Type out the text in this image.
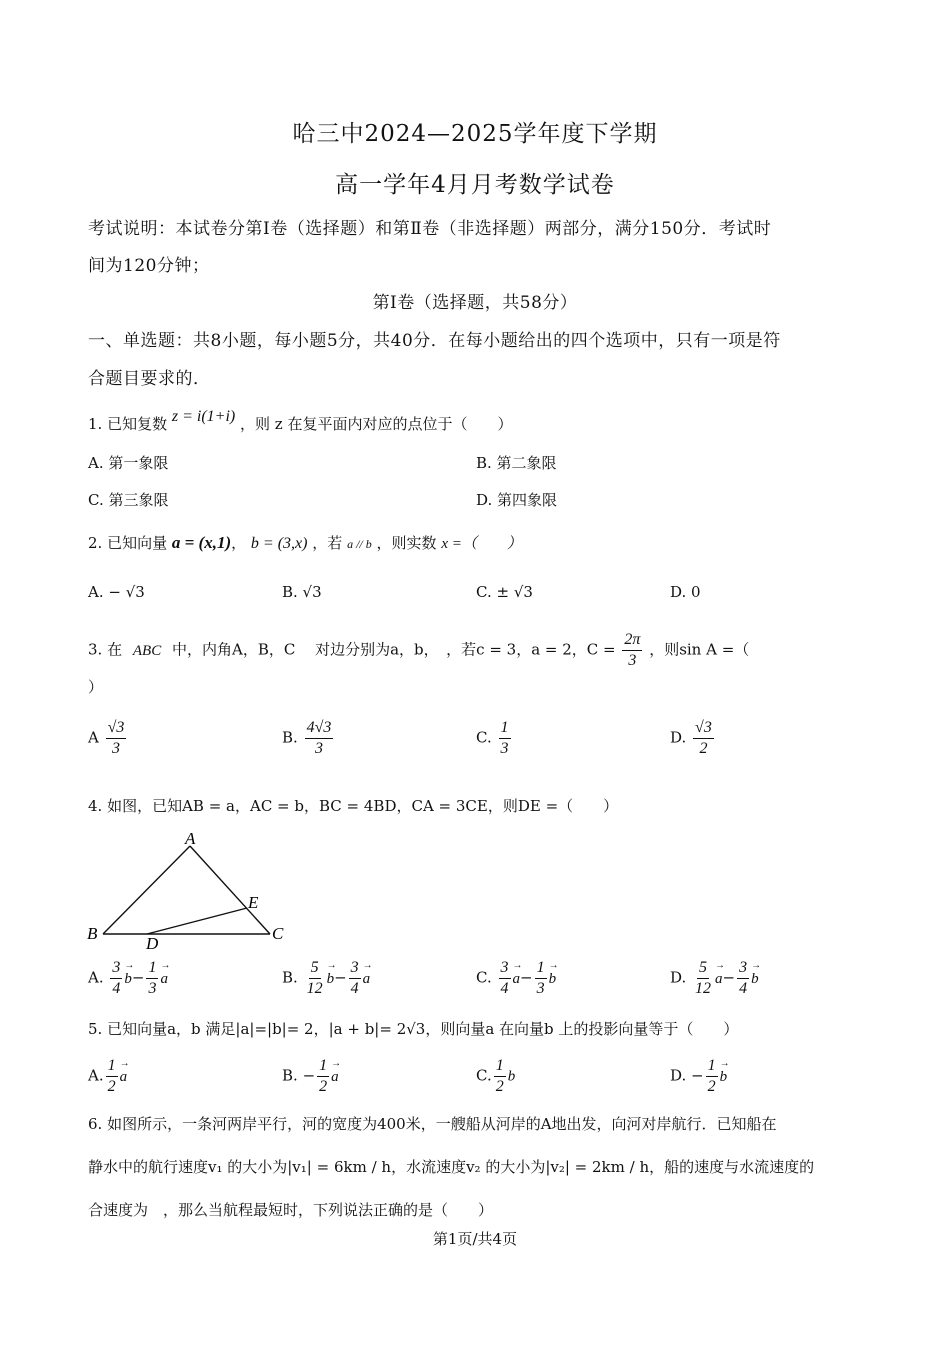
哈三中2024—2025学年度下学期
高一学年4月月考数学试卷
考试说明：本试卷分第Ⅰ卷（选择题）和第Ⅱ卷（非选择题）两部分，满分150分．考试时
间为120分钟；
第Ⅰ卷（选择题，共58分）
一、单选题：共8小题，每小题5分，共40分．在每小题给出的四个选项中，只有一项是符
合题目要求的．
1. 已知复数 z = i(1+i) ，则 z 在复平面内对应的点位于（　　）
A. 第一象限	B. 第二象限
C. 第三象限	D. 第四象限
2. 已知向量 a = (x,1)， b = (3,x) ，若 a // b ，则实数 x =（　　）
A. − √3	B. √3	C. ± √3	D. 0
3. 在 ABC 中，内角A，B，C　 对边分别为a，b，　，若c = 3，a = 2，$C = \frac{2\pi}{3}$ ，则sin A =（
）
A $\frac{√3}{3}$	B. $\frac{4√3}{3}$	C. $\frac{1}{3}$	D. $\frac{√3}{2}$
4. 如图，已知AB = a，AC = b，BC = 4BD，CA = 3CE，则DE =（　　）
A
B	C
D
E
A. $\frac{3}{4}$
→ $b- \frac{1}{3}$
→ a	B. $\frac{5}{12}$
→ $b- \frac{3}{4}$
→ a	C. $\frac{3}{4}$
→ $a- \frac{1}{3}$
→ b	D. $\frac{5}{12}$
→ $a- \frac{3}{4}$
→ b
5. 已知向量a，b 满足|a|=|b|= 2，|a + b|= 2√3，则向量a 在向量b 上的投影向量等于（　　）
A. $\frac{1}{2}$
→ a	B. − $\frac{1}{2}$
→ a	C. $\frac{1}{2}$ b	D. − $\frac{1}{2}$
→ b
6. 如图所示，一条河两岸平行，河的宽度为400米，一艘船从河岸的A地出发，向河对岸航行．已知船在
静水中的航行速度v₁ 的大小为|v₁| = 6km / h，水流速度v₂ 的大小为|v₂| = 2km / h，船的速度与水流速度的
合速度为　，那么当航程最短时，下列说法正确的是（　　）
第1页/共4页
